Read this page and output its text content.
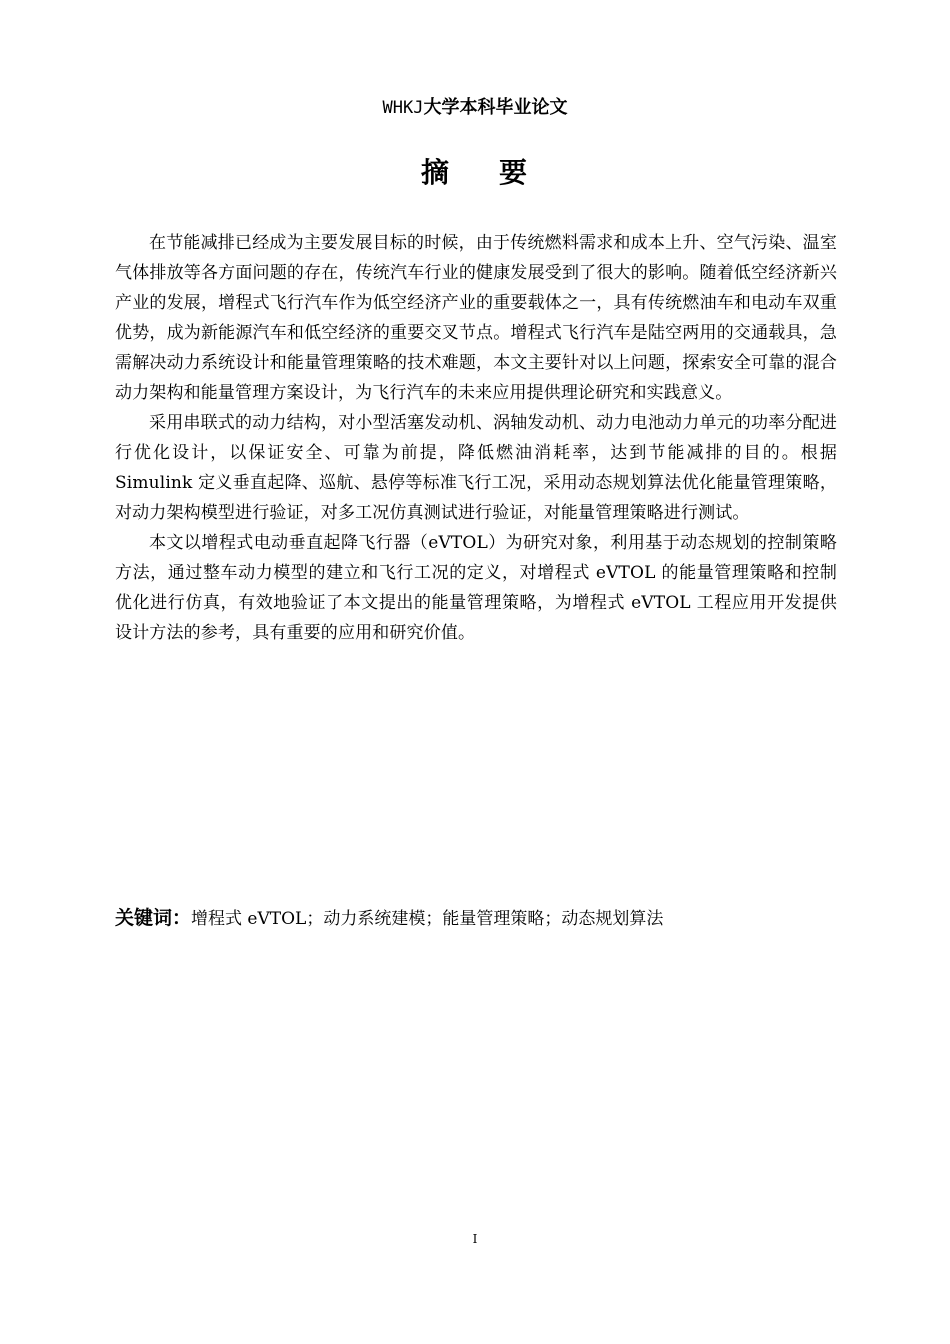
WHKJ大学本科毕业论文
摘 要

在节能减排已经成为主要发展目标的时候，由于传统燃料需求和成本上升、空气污染、温室气体排放等各方面问题的存在，传统汽车行业的健康发展受到了很大的影响。随着低空经济新兴产业的发展，增程式飞行汽车作为低空经济产业的重要载体之一，具有传统燃油车和电动车双重优势，成为新能源汽车和低空经济的重要交叉节点。增程式飞行汽车是陆空两用的交通载具，急需解决动力系统设计和能量管理策略的技术难题，本文主要针对以上问题，探索安全可靠的混合动力架构和能量管理方案设计，为飞行汽车的未来应用提供理论研究和实践意义。

采用串联式的动力结构，对小型活塞发动机、涡轴发动机、动力电池动力单元的功率分配进行优化设计，以保证安全、可靠为前提，降低燃油消耗率，达到节能减排的目的。根据 Simulink 定义垂直起降、巡航、悬停等标准飞行工况，采用动态规划算法优化能量管理策略，对动力架构模型进行验证，对多工况仿真测试进行验证，对能量管理策略进行测试。

本文以增程式电动垂直起降飞行器（eVTOL）为研究对象，利用基于动态规划的控制策略方法，通过整车动力模型的建立和飞行工况的定义，对增程式 eVTOL 的能量管理策略和控制优化进行仿真，有效地验证了本文提出的能量管理策略，为增程式 eVTOL 工程应用开发提供设计方法的参考，具有重要的应用和研究价值。

关键词：增程式 eVTOL；动力系统建模；能量管理策略；动态规划算法
I
